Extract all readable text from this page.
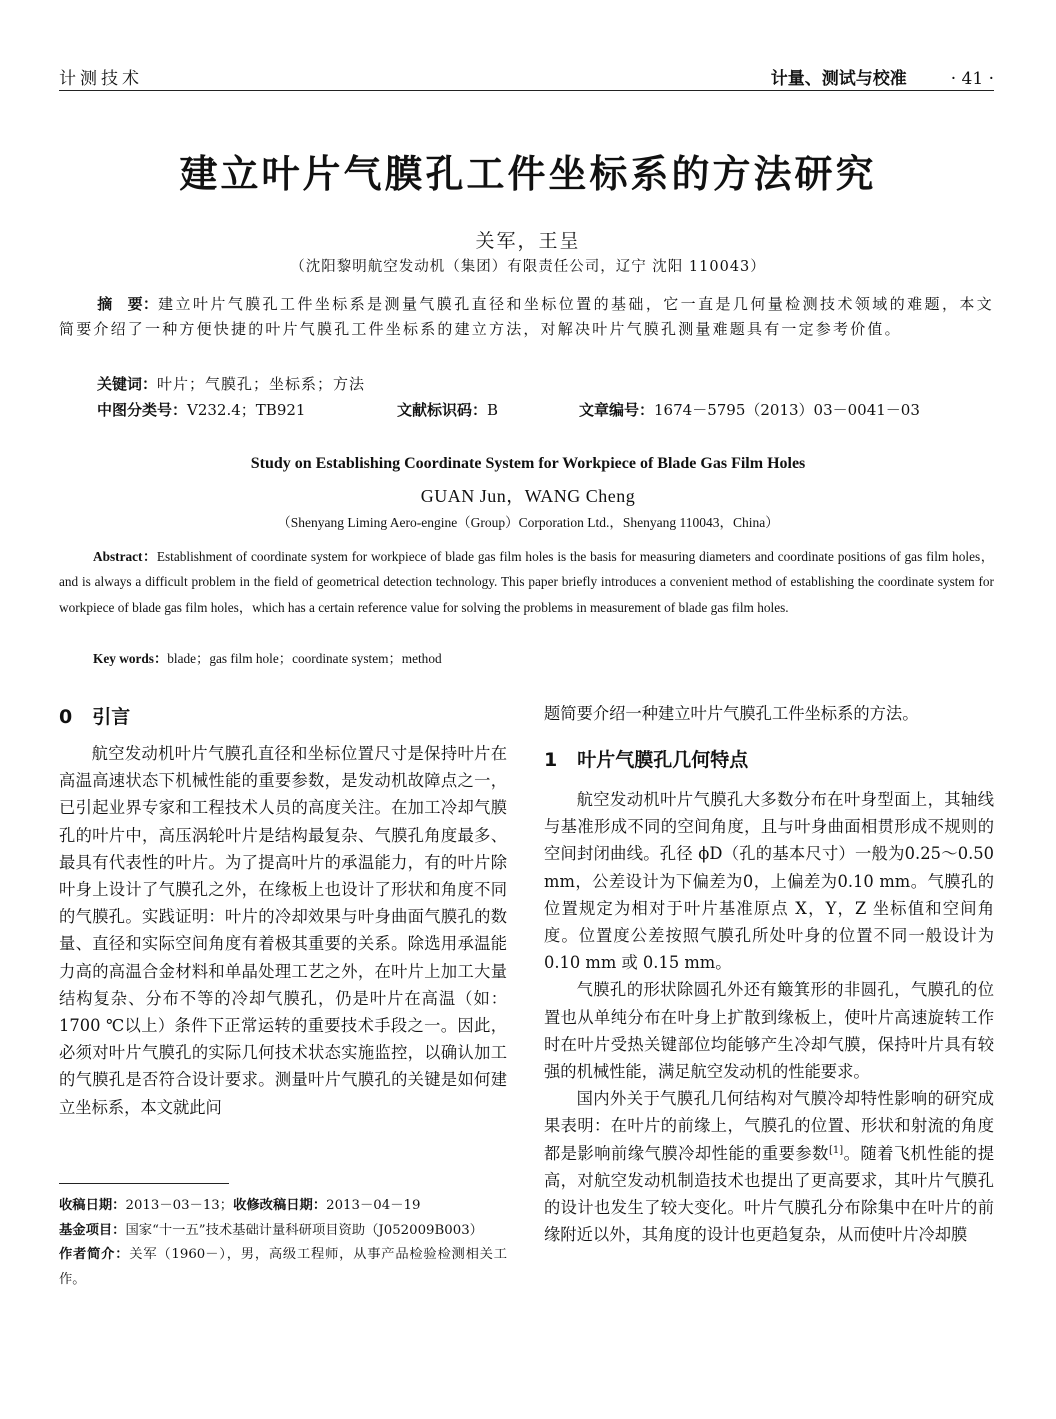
计测技术	计量、测试与校准	· 41 ·
建立叶片气膜孔工件坐标系的方法研究
关军，王呈
（沈阳黎明航空发动机（集团）有限责任公司，辽宁 沈阳 110043）
摘　要：建立叶片气膜孔工件坐标系是测量气膜孔直径和坐标位置的基础，它一直是几何量检测技术领域的难题，本文简要介绍了一种方便快捷的叶片气膜孔工件坐标系的建立方法，对解决叶片气膜孔测量难题具有一定参考价值。
关键词：叶片；气膜孔；坐标系；方法
中图分类号：V232.4；TB921	文献标识码：B	文章编号：1674－5795（2013）03－0041－03
Study on Establishing Coordinate System for Workpiece of Blade Gas Film Holes
GUAN Jun，WANG Cheng
（Shenyang Liming Aero-engine（Group）Corporation Ltd.，Shenyang 110043，China）
Abstract：Establishment of coordinate system for workpiece of blade gas film holes is the basis for measuring diameters and coordinate positions of gas film holes，and is always a difficult problem in the field of geometrical detection technology. This paper briefly introduces a convenient method of establishing the coordinate system for workpiece of blade gas film holes，which has a certain reference value for solving the problems in measurement of blade gas film holes.
Key words：blade；gas film hole；coordinate system；method
0 引言

航空发动机叶片气膜孔直径和坐标位置尺寸是保持叶片在高温高速状态下机械性能的重要参数，是发动机故障点之一，已引起业界专家和工程技术人员的高度关注。在加工冷却气膜孔的叶片中，高压涡轮叶片是结构最复杂、气膜孔角度最多、最具有代表性的叶片。为了提高叶片的承温能力，有的叶片除叶身上设计了气膜孔之外，在缘板上也设计了形状和角度不同的气膜孔。实践证明：叶片的冷却效果与叶身曲面气膜孔的数量、直径和实际空间角度有着极其重要的关系。除选用承温能力高的高温合金材料和单晶处理工艺之外，在叶片上加工大量结构复杂、分布不等的冷却气膜孔，仍是叶片在高温（如：1700 ℃以上）条件下正常运转的重要技术手段之一。因此，必须对叶片气膜孔的实际几何技术状态实施监控，以确认加工的气膜孔是否符合设计要求。测量叶片气膜孔的关键是如何建立坐标系，本文就此问

收稿日期：2013－03－13；收修改稿日期：2013－04－19
基金项目：国家“十一五”技术基础计量科研项目资助（J052009B003）
作者简介：关军（1960－），男，高级工程师，从事产品检验检测相关工作。

题简要介绍一种建立叶片气膜孔工件坐标系的方法。

1 叶片气膜孔几何特点

航空发动机叶片气膜孔大多数分布在叶身型面上，其轴线与基准形成不同的空间角度，且与叶身曲面相贯形成不规则的空间封闭曲线。孔径 ϕD（孔的基本尺寸）一般为0.25～0.50 mm，公差设计为下偏差为0，上偏差为0.10 mm。气膜孔的位置规定为相对于叶片基准原点 X，Y，Z 坐标值和空间角度。位置度公差按照气膜孔所处叶身的位置不同一般设计为 0.10 mm 或 0.15 mm。

气膜孔的形状除圆孔外还有簸箕形的非圆孔，气膜孔的位置也从单纯分布在叶身上扩散到缘板上，使叶片高速旋转工作时在叶片受热关键部位均能够产生冷却气膜，保持叶片具有较强的机械性能，满足航空发动机的性能要求。

国内外关于气膜孔几何结构对气膜冷却特性影响的研究成果表明：在叶片的前缘上，气膜孔的位置、形状和射流的角度都是影响前缘气膜冷却性能的重要参数[1]。随着飞机性能的提高，对航空发动机制造技术也提出了更高要求，其叶片气膜孔的设计也发生了较大变化。叶片气膜孔分布除集中在叶片的前缘附近以外，其角度的设计也更趋复杂，从而使叶片冷却膜
